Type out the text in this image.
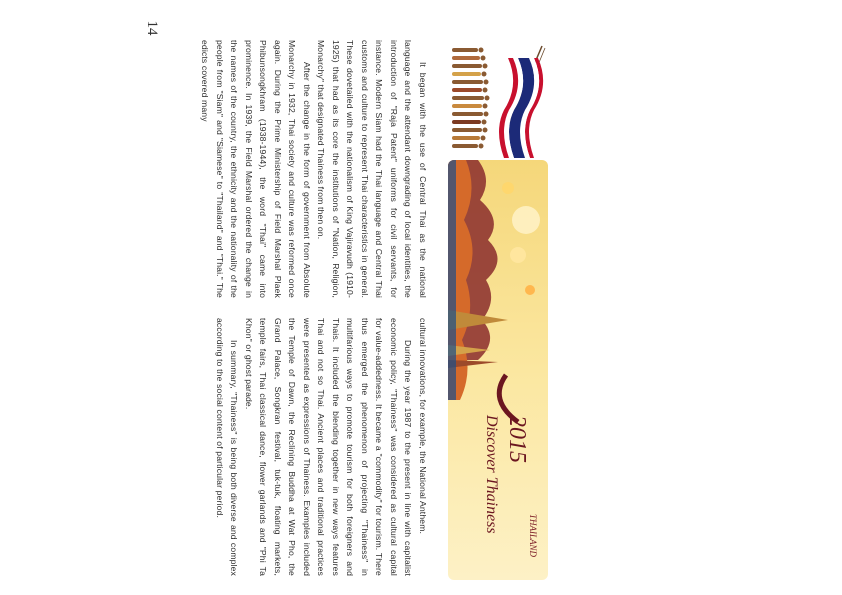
14
THAILAND
2015
Discover Thainess

It began with the use of Central Thai as the national language and the attendant downgrading of local identities, the introduction of "Raja Patent" uniforms for civil servants, for instance. Modern Siam had the Thai language and Central Thai customs and culture to represent Thai characteristics in general. These dovetailed with the nationalism of King Vajiravudh (1910-1925) that had as its core the institutions of "Nation, Religion, Monarchy" that designated Thainess from then on.

After the change in the form of government from Absolute Monarchy in 1932, Thai society and culture was reformed once again. During the Prime Ministership of Field Marshal Plaek Phibunsongkhram (1938-1944), the word "Thai" came into prominence. In 1939, the Field Marshal ordered the change in the names of the country, the ethnicity and the nationality of the people from "Siam" and "Siamese" to "Thailand" and "Thai." The edicts covered many

cultural innovations, for example, the National Anthem.

During the year 1987 to the present in line with capitalist economic policy, "Thainess" was considered as cultural capital for value-addedness. It became a "commodity" for tourism. There thus emerged the phenomenon of projecting "Thainess" in multifarious ways to promote tourism for both foreigners and Thais. It included the blending together in new ways features Thai and not so Thai. Ancient places and traditional practices were presented as expressions of Thainess. Examples included the Temple of Dawn, the Reclining Buddha at Wat Pho, the Grand Palace, Songkran festival, tuk-tuk, floating markets, temple fairs, Thai classical dance, flower garlands and "Phi Ta Khon" or ghost parade.

In summary, "Thainess" is being both diverse and complex according to the social content of particular period.
